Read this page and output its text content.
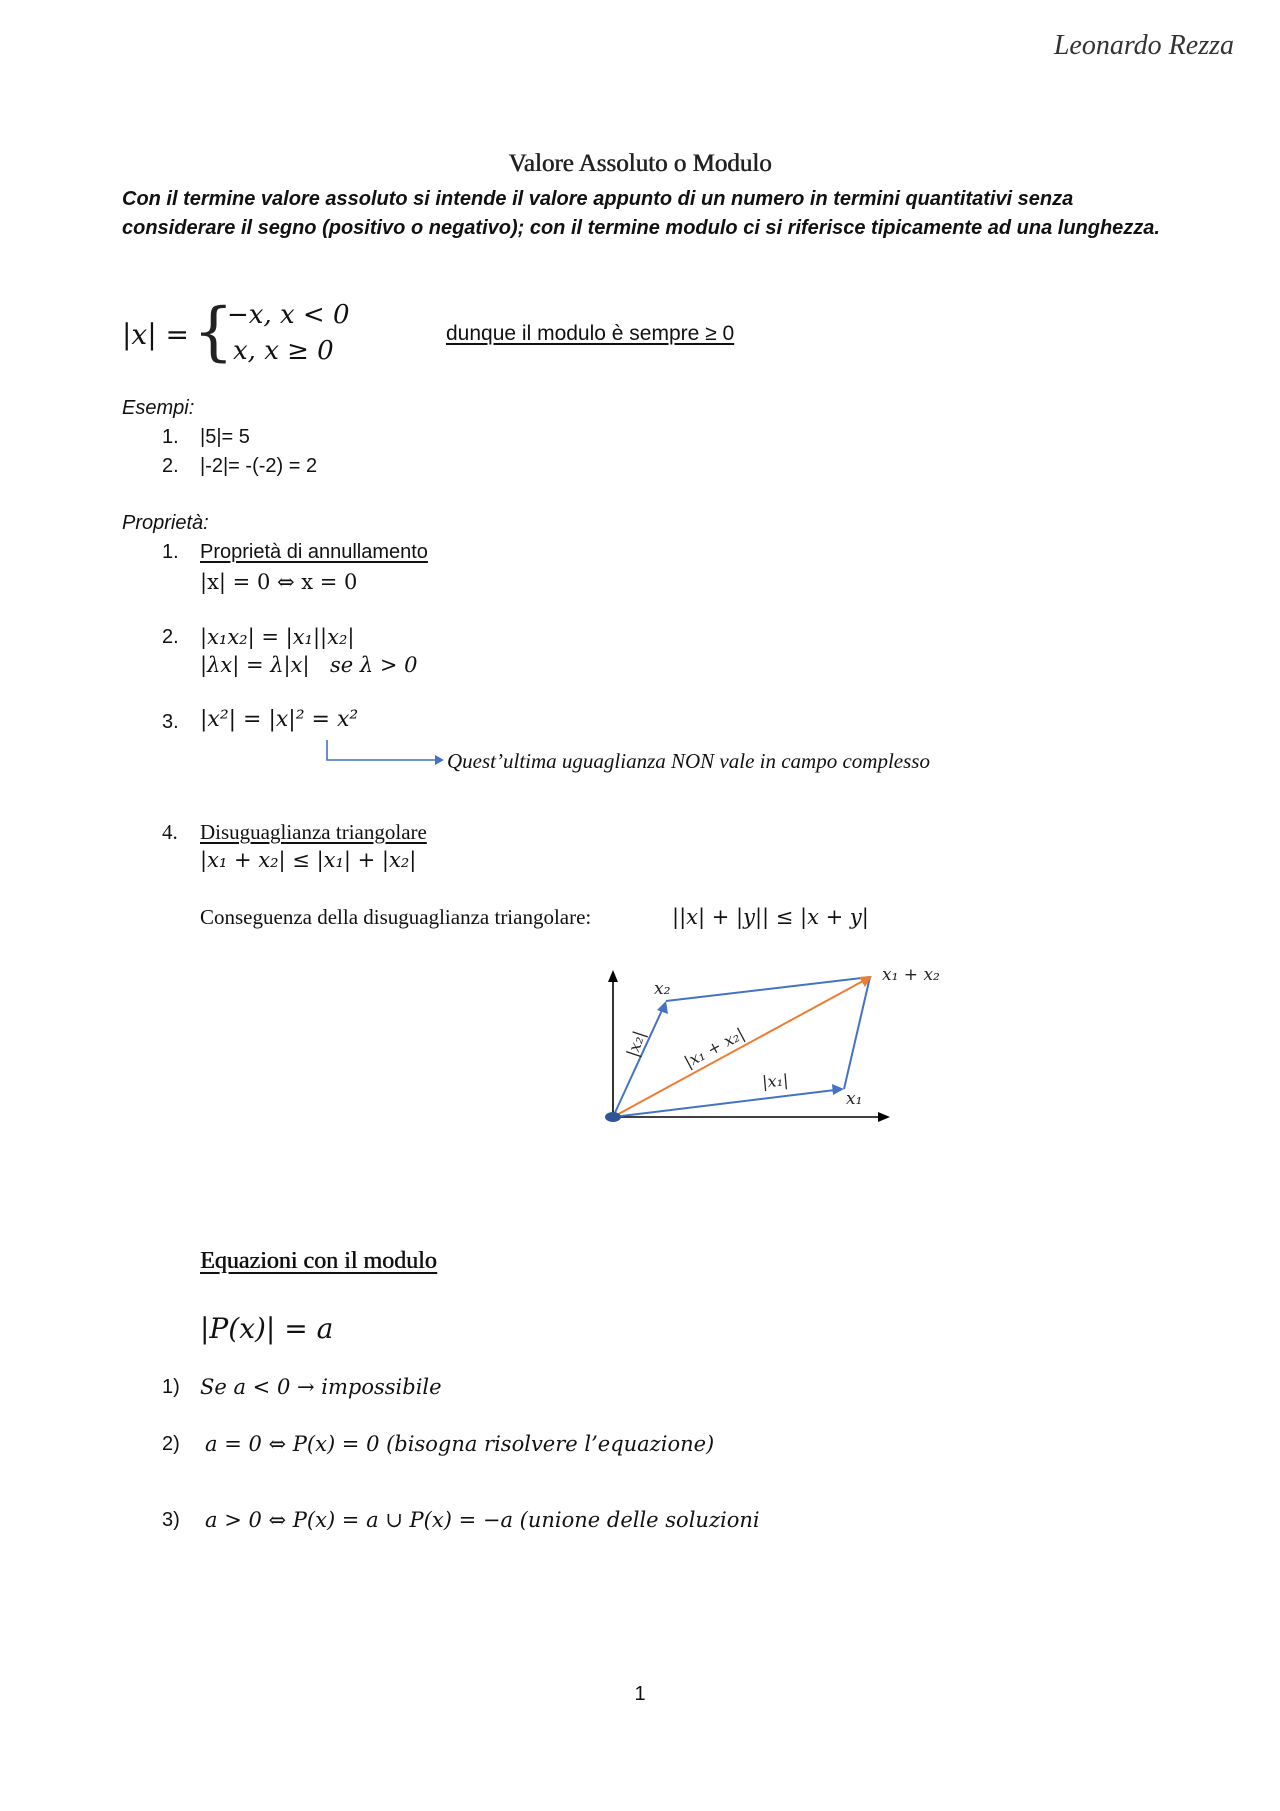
Leonardo Rezza
Valore Assoluto o Modulo
Con il termine valore assoluto si intende il valore appunto di un numero in termini quantitativi senza considerare il segno (positivo o negativo); con il termine modulo ci si riferisce tipicamente ad una lunghezza.
|x| = {
−x, x < 0
x, x ≥ 0
dunque il modulo è sempre ≥ 0
Esempi:
1. |5|= 5
2. |-2|= -(-2) = 2
Proprietà:
1. Proprietà di annullamento
|x| = 0 ⇔ x = 0
2. |x₁x₂| = |x₁||x₂|
|λx| = λ|x| se λ > 0
3. |x²| = |x|² = x²
Quest’ultima uguaglianza NON vale in campo complesso
4. Disuguaglianza triangolare
|x₁ + x₂| ≤ |x₁| + |x₂|
Conseguenza della disuguaglianza triangolare:	||x| + |y|| ≤ |x + y|
x₂
x₁ + x₂
x₁
|x₁|
|x₂| |x₁ + x₂|
Equazioni con il modulo
|P(x)| = a
1) Se a < 0 → impossibile
2) a = 0 ⇔ P(x) = 0 (bisogna risolvere l’equazione)
3) a > 0 ⇔ P(x) = a ∪ P(x) = −a (unione delle soluzioni
1
